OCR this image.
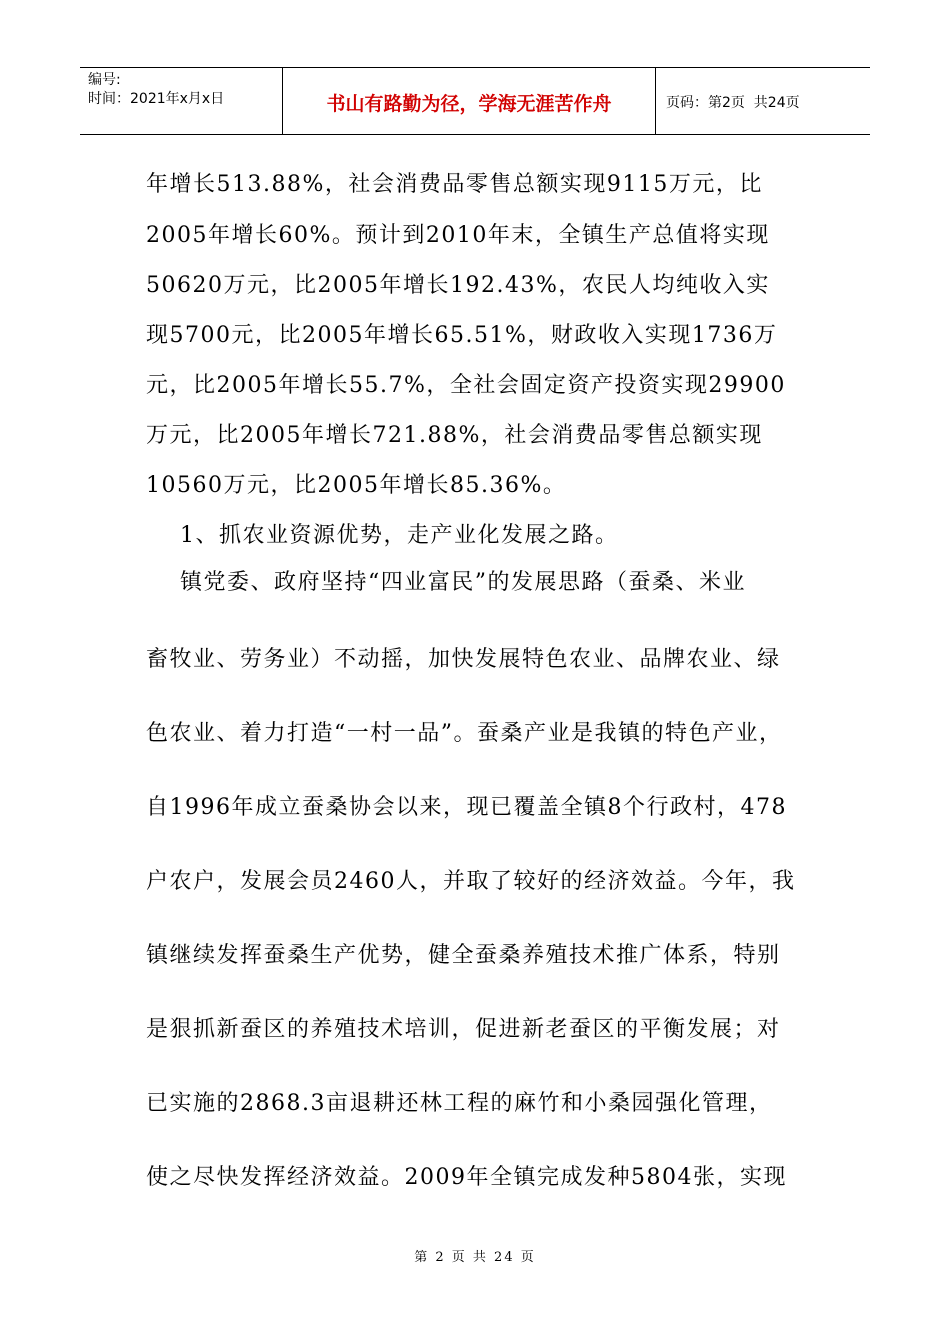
编号:
时间：2021年x月x日	书山有路勤为径，学海无涯苦作舟	页码：第2页  共24页
年增长513.88%，社会消费品零售总额实现9115万元，比
2005年增长60%。预计到2010年末，全镇生产总值将实现
50620万元，比2005年增长192.43%，农民人均纯收入实
现5700元，比2005年增长65.51%，财政收入实现1736万
元，比2005年增长55.7%，全社会固定资产投资实现29900
万元，比2005年增长721.88%，社会消费品零售总额实现
10560万元，比2005年增长85.36%。
1、抓农业资源优势，走产业化发展之路。
镇党委、政府坚持“四业富民”的发展思路（蚕桑、米业
畜牧业、劳务业）不动摇，加快发展特色农业、品牌农业、绿
色农业、着力打造“一村一品”。蚕桑产业是我镇的特色产业，
自1996年成立蚕桑协会以来，现已覆盖全镇8个行政村，478
户农户，发展会员2460人，并取了较好的经济效益。今年，我
镇继续发挥蚕桑生产优势，健全蚕桑养殖技术推广体系，特别
是狠抓新蚕区的养殖技术培训，促进新老蚕区的平衡发展；对
已实施的2868.3亩退耕还林工程的麻竹和小桑园强化管理，
使之尽快发挥经济效益。2009年全镇完成发种5804张，实现
第 2 页 共 24 页
